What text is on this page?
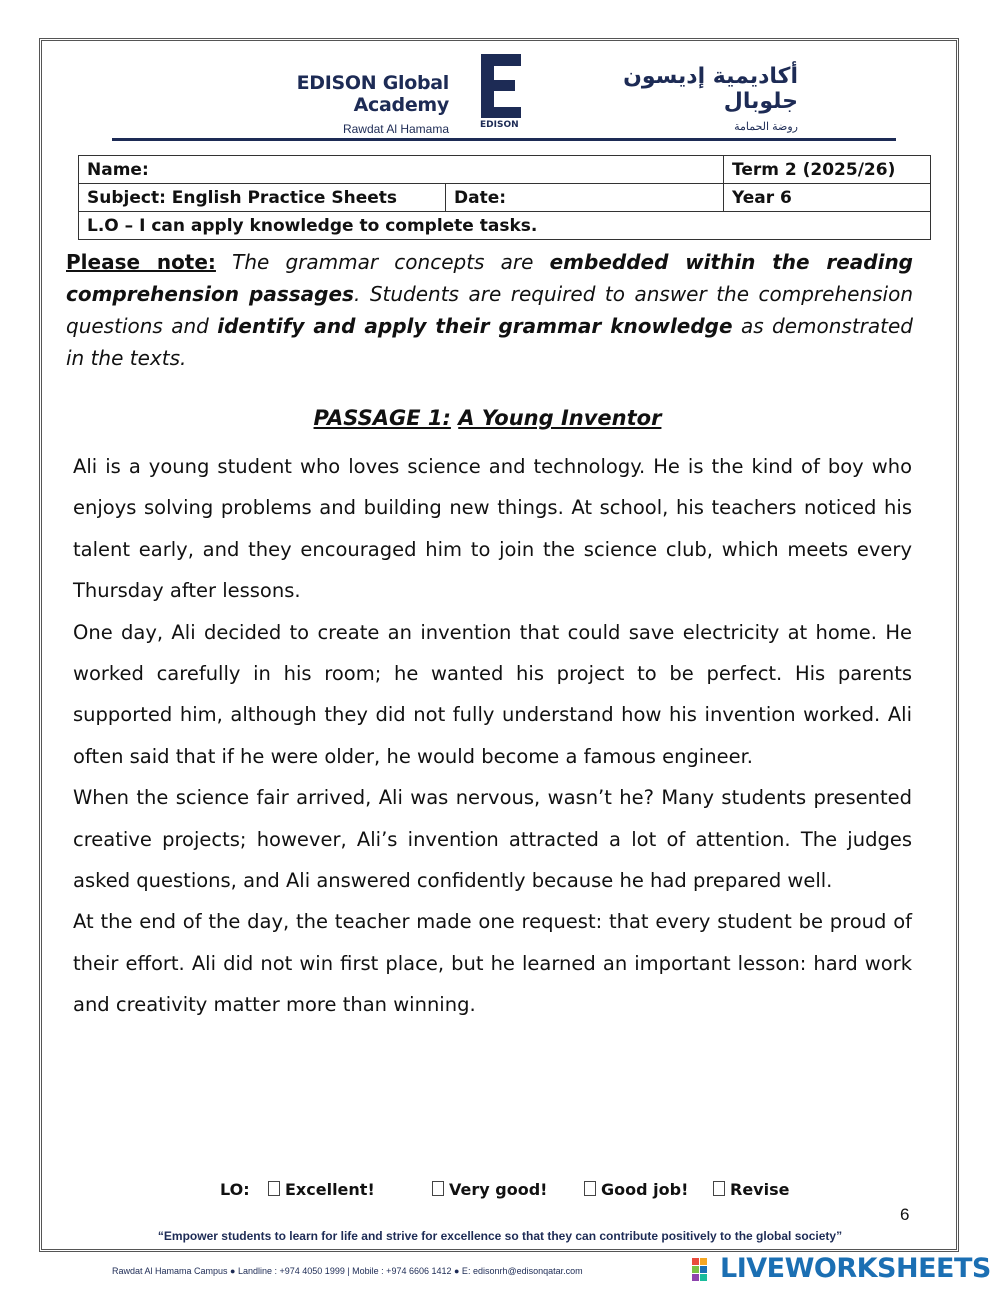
EDISON Global Academy
Rawdat Al Hamama	EDISON
أكاديمية إديسون جلوبال
روضة الحمامة
Name:		Term 2 (2025/26)
Subject: English Practice Sheets	Date:	Year 6
L.O – I can apply knowledge to complete tasks.		
Please note: The grammar concepts are embedded within the reading comprehension passages. Students are required to answer the comprehension questions and identify and apply their grammar knowledge as demonstrated in the texts.
PASSAGE 1: A Young Inventor

Ali is a young student who loves science and technology. He is the kind of boy who enjoys solving problems and building new things. At school, his teachers noticed his talent early, and they encouraged him to join the science club, which meets every Thursday after lessons.

One day, Ali decided to create an invention that could save electricity at home. He worked carefully in his room; he wanted his project to be perfect. His parents supported him, although they did not fully understand how his invention worked. Ali often said that if he were older, he would become a famous engineer.

When the science fair arrived, Ali was nervous, wasn’t he? Many students presented creative projects; however, Ali’s invention attracted a lot of attention. The judges asked questions, and Ali answered confidently because he had prepared well.

At the end of the day, the teacher made one request: that every student be proud of their effort. Ali did not win first place, but he learned an important lesson: hard work and creativity matter more than winning.

LO:	Excellent!	Very good!	Good job!	Revise
6
“Empower students to learn for life and strive for excellence so that they can contribute positively to the global society”
Rawdat Al Hamama Campus ● Landline : +974 4050 1999 | Mobile : +974 6606 1412 ● E: edisonrh@edisonqatar.com	LIVEWORKSHEETS
